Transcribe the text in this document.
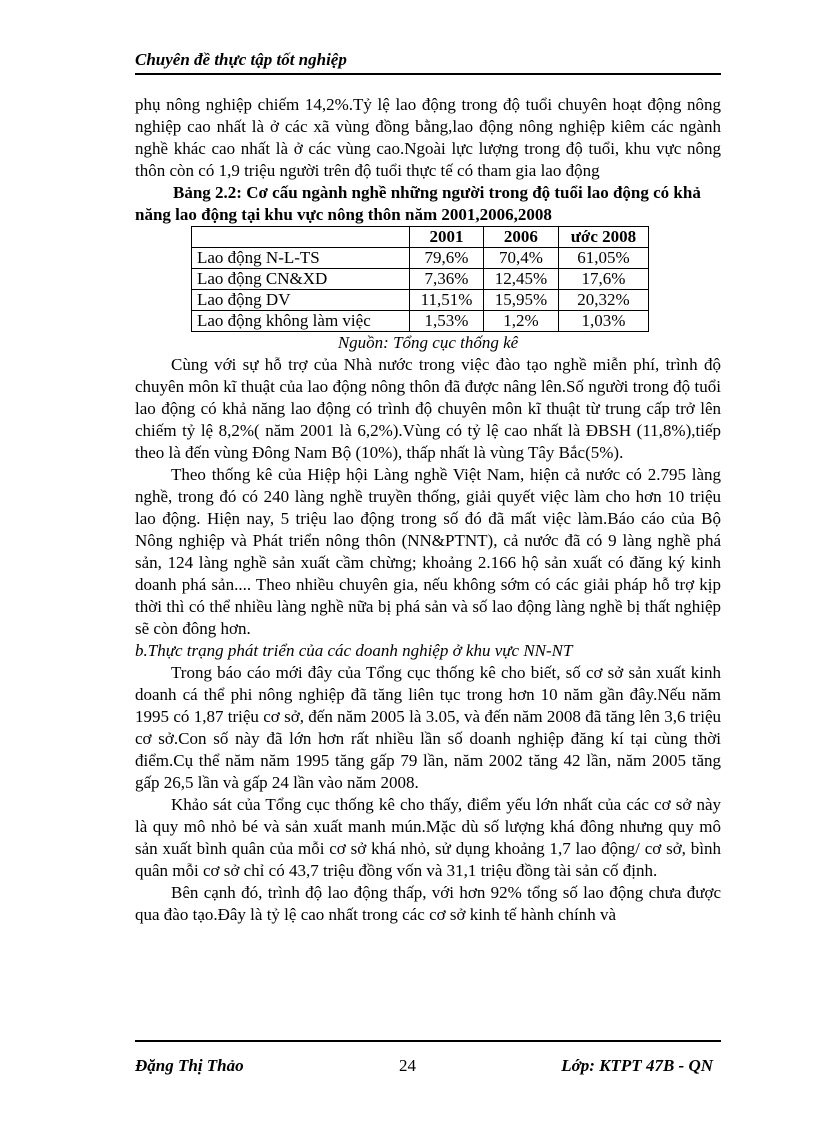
Chuyên đề thực tập tốt nghiệp

phụ nông nghiệp chiếm 14,2%.Tỷ lệ lao động trong độ tuổi chuyên hoạt động nông nghiệp cao nhất là ở các xã vùng đồng bằng,lao động nông nghiệp kiêm các ngành nghề khác cao nhất là ở các vùng cao.Ngoài lực lượng trong độ tuổi, khu vực nông thôn còn có 1,9 triệu người trên độ tuổi thực tế có tham gia lao động

Bảng 2.2: Cơ cấu ngành nghề những người trong độ tuổi lao động có khả năng lao động tại khu vực nông thôn năm 2001,2006,2008

	2001	2006	ước 2008
Lao động N-L-TS	79,6%	70,4%	61,05%
Lao động CN&XD	7,36%	12,45%	17,6%
Lao động DV	11,51%	15,95%	20,32%
Lao động không làm việc	1,53%	1,2%	1,03%

Nguồn: Tổng cục thống kê

Cùng với sự hỗ trợ của Nhà nước trong việc đào tạo nghề miễn phí, trình độ chuyên môn kĩ thuật của lao động nông thôn đã được nâng lên.Số người trong độ tuổi lao động có khả năng lao động có trình độ chuyên môn kĩ thuật từ trung cấp trở lên chiếm tỷ lệ 8,2%( năm 2001 là 6,2%).Vùng có tỷ lệ cao nhất là ĐBSH (11,8%),tiếp theo là đến vùng Đông Nam Bộ (10%), thấp nhất là vùng Tây Bắc(5%).

Theo thống kê của Hiệp hội Làng nghề Việt Nam, hiện cả nước có 2.795 làng nghề, trong đó có 240 làng nghề truyền thống, giải quyết việc làm cho hơn 10 triệu lao động. Hiện nay, 5 triệu lao động trong số đó đã mất việc làm.Báo cáo của Bộ Nông nghiệp và Phát triển nông thôn (NN&PTNT), cả nước đã có 9 làng nghề phá sản, 124 làng nghề sản xuất cầm chừng; khoảng 2.166 hộ sản xuất có đăng ký kinh doanh phá sản.... Theo nhiều chuyên gia, nếu không sớm có các giải pháp hỗ trợ kịp thời thì có thể nhiều làng nghề nữa bị phá sản và số lao động làng nghề bị thất nghiệp sẽ còn đông hơn.

b.Thực trạng phát triển của các doanh nghiệp ở khu vực NN-NT

Trong báo cáo mới đây của Tổng cục thống kê cho biết, số cơ sở sản xuất kinh doanh cá thể phi nông nghiệp đã tăng liên tục trong hơn 10 năm gần đây.Nếu năm 1995 có 1,87 triệu cơ sở, đến năm 2005 là 3.05, và đến năm 2008 đã tăng lên 3,6 triệu cơ sở.Con số này đã lớn hơn rất nhiều lần số doanh nghiệp đăng kí tại cùng thời điểm.Cụ thể năm năm 1995 tăng gấp 79 lần, năm 2002 tăng 42 lần, năm 2005 tăng gấp 26,5 lần và gấp 24 lần vào năm 2008.

Khảo sát của Tổng cục thống kê cho thấy, điểm yếu lớn nhất của các cơ sở này là quy mô nhỏ bé và sản xuất manh mún.Mặc dù số lượng khá đông nhưng quy mô sản xuất bình quân của mỗi cơ sở khá nhỏ, sử dụng khoảng 1,7 lao động/ cơ sở, bình quân mỗi cơ sở chỉ có 43,7 triệu đồng vốn và 31,1 triệu đồng tài sản cố định.

Bên cạnh đó, trình độ lao động thấp, với hơn 92% tổng số lao động chưa được qua đào tạo.Đây là tỷ lệ cao nhất trong các cơ sở kinh tế hành chính và

Đặng Thị Thảo	24	Lớp: KTPT 47B - QN
